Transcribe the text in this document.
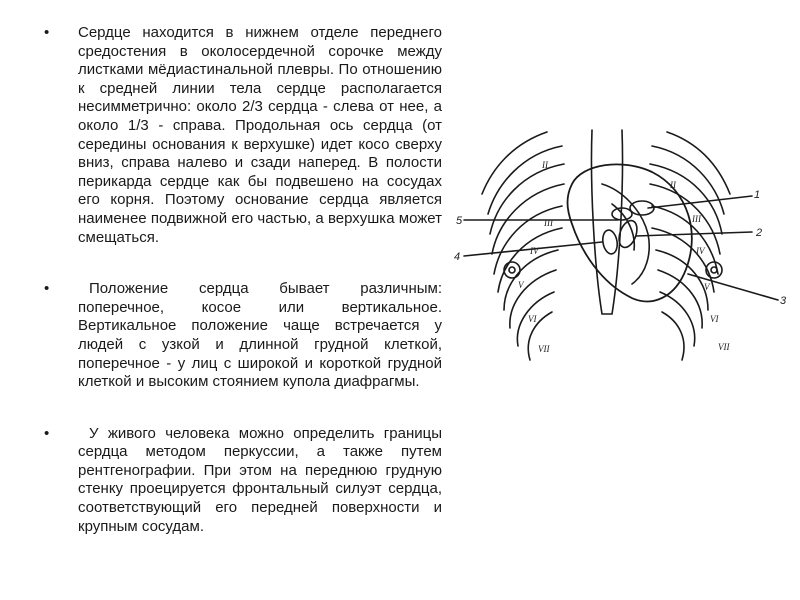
• Сердце находится в нижнем отделе переднего средостения в околосердечной сорочке между листками мёдиастинальной плевры. По отношению к средней линии тела сердце располагается несимметрично: около 2/3 сердца - слева от нее, а около 1/3 - справа. Продольная ось сердца (от середины основания к верхушке) идет косо сверху вниз, справа налево и сзади наперед. В полости перикарда сердце как бы подвешено на сосудах его корня. Поэтому основание сердца является наименее подвижной его частью, а верхушка может смещаться.
•	Положение сердца бывает различным: поперечное, косое или вертикальное. Вертикальное положение чаще встречается у людей с узкой и длинной грудной клеткой, поперечное - у лиц с широкой и короткой грудной клеткой и высоким стоянием купола диафрагмы.
•	У живого человека можно определить границы сердца методом перкуссии, а также путем рентгенографии. При этом на переднюю грудную стенку проецируется фронтальный силуэт сердца, соответствующий его передней поверхности и крупным сосудам.
5
1
2
4
3
II
III
IV
V
VI
VII
II
III
IV
V
VI
VII
